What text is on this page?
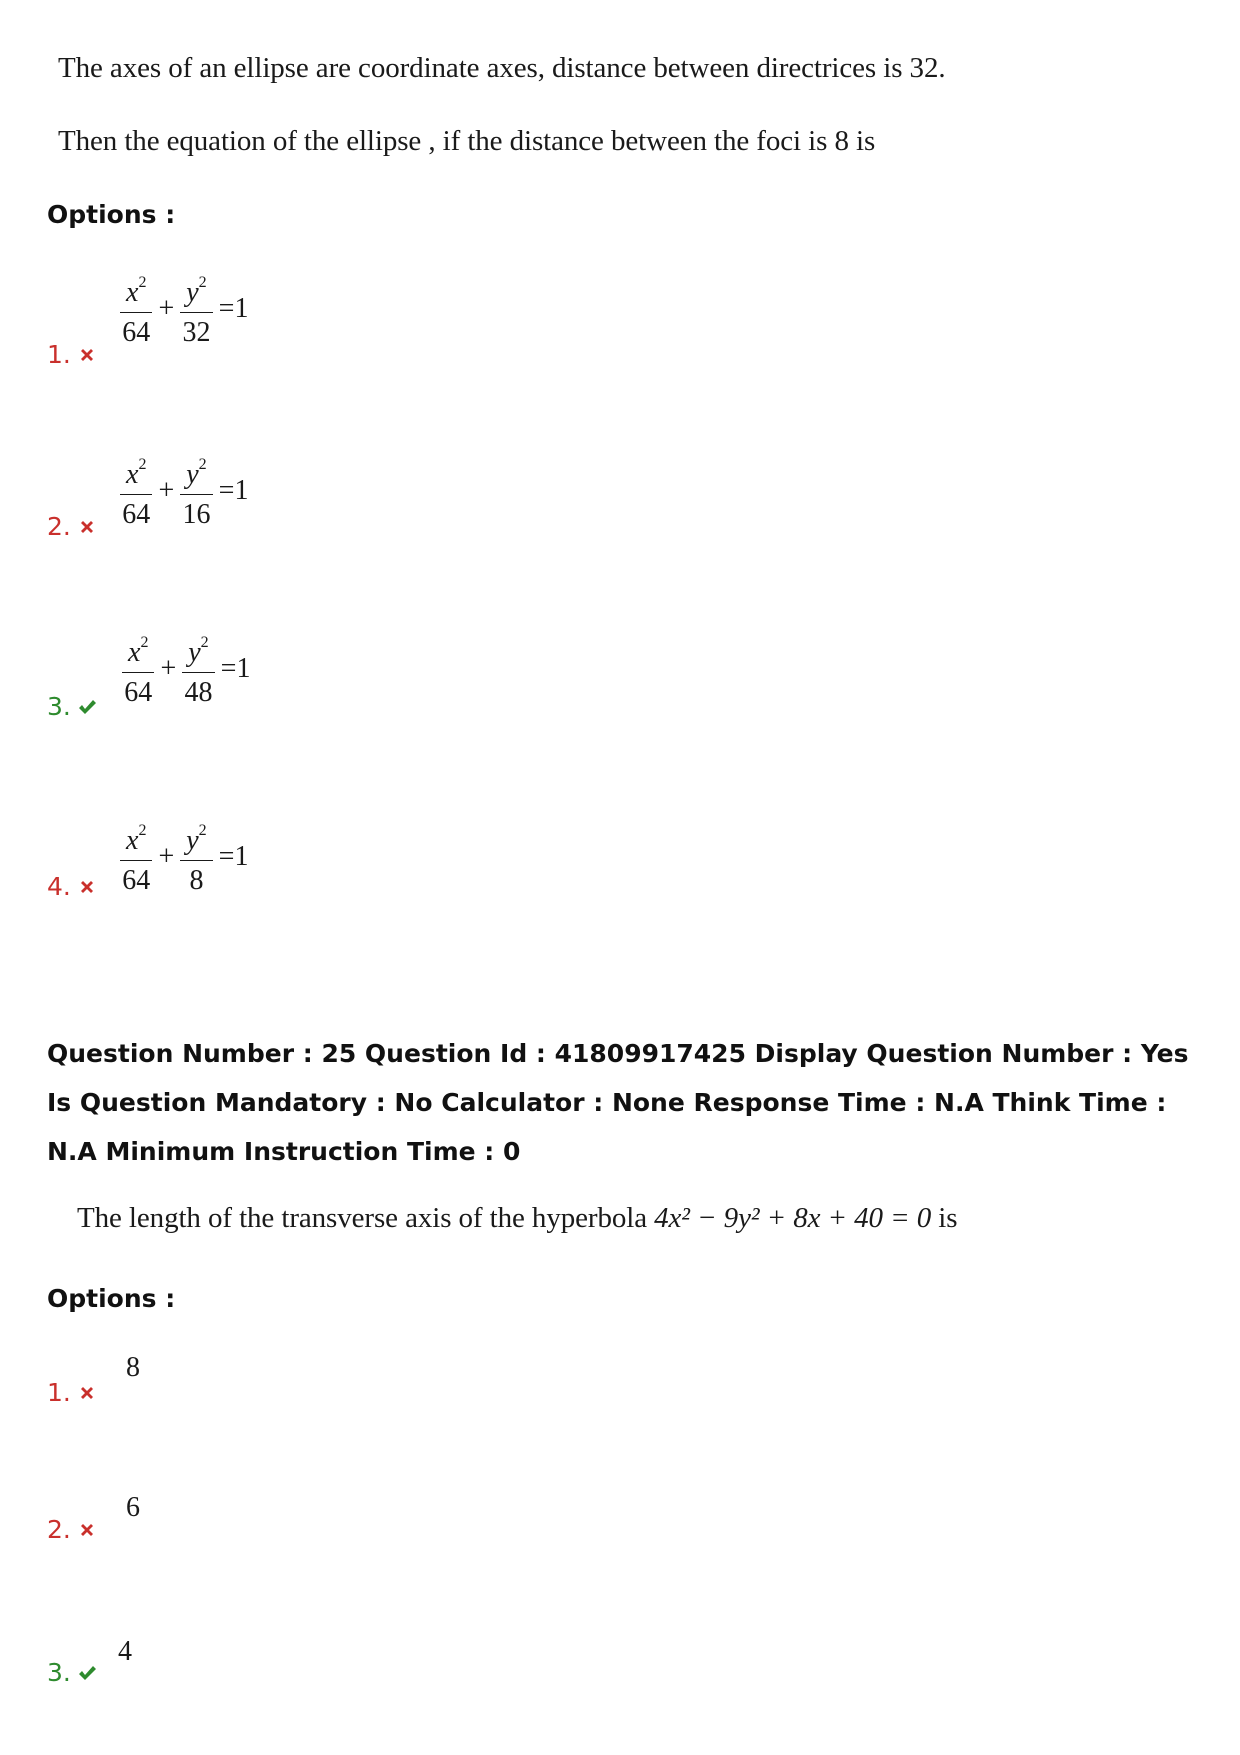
The axes of an ellipse are coordinate axes, distance between directrices is 32.
Then the equation of the ellipse , if the distance between the foci is 8 is
Options :
1.
$\frac{x^2}{64} + \frac{y^2}{32} =1$
2. $\frac{x^2}{64} + \frac{y^2}{16} =1$
3. $\frac{x^2}{64} + \frac{y^2}{48} =1$
4. $\frac{x^2}{64} + \frac{y^2}{8} =1$
Question Number : 25 Question Id : 41809917425 Display Question Number : Yes Is Question Mandatory : No Calculator : None Response Time : N.A Think Time : N.A Minimum Instruction Time : 0
The length of the transverse axis of the hyperbola 4x² − 9y² + 8x + 40 = 0 is
Options :
1.
8
2.
6
3.
4
